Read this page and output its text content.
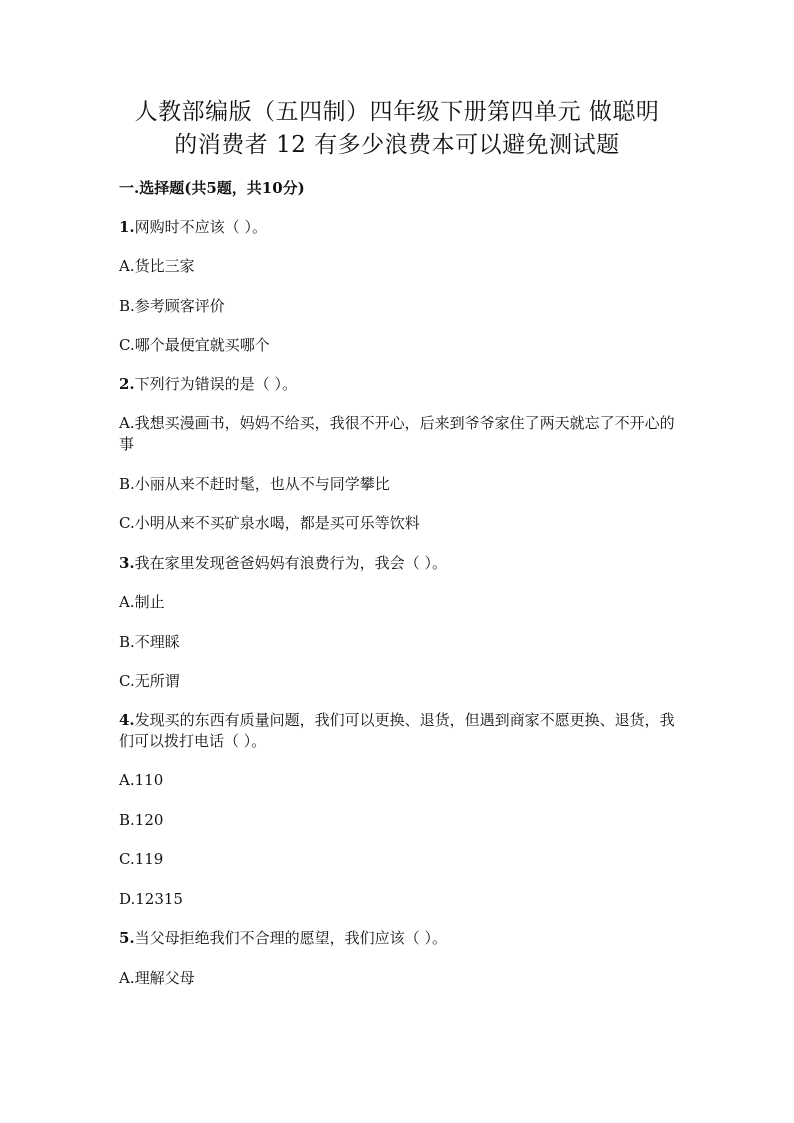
人教部编版（五四制）四年级下册第四单元 做聪明
的消费者 12 有多少浪费本可以避免测试题
一.选择题(共5题，共10分)
1.网购时不应该（ ）。
A.货比三家
B.参考顾客评价
C.哪个最便宜就买哪个
2.下列行为错误的是（ ）。
A.我想买漫画书，妈妈不给买，我很不开心，后来到爷爷家住了两天就忘了不开心的事
B.小丽从来不赶时髦，也从不与同学攀比
C.小明从来不买矿泉水喝，都是买可乐等饮料
3.我在家里发现爸爸妈妈有浪费行为，我会（ ）。
A.制止
B.不理睬
C.无所谓
4.发现买的东西有质量问题，我们可以更换、退货，但遇到商家不愿更换、退货，我们可以拨打电话（ ）。
A.110
B.120
C.119
D.12315
5.当父母拒绝我们不合理的愿望，我们应该（ ）。
A.理解父母
